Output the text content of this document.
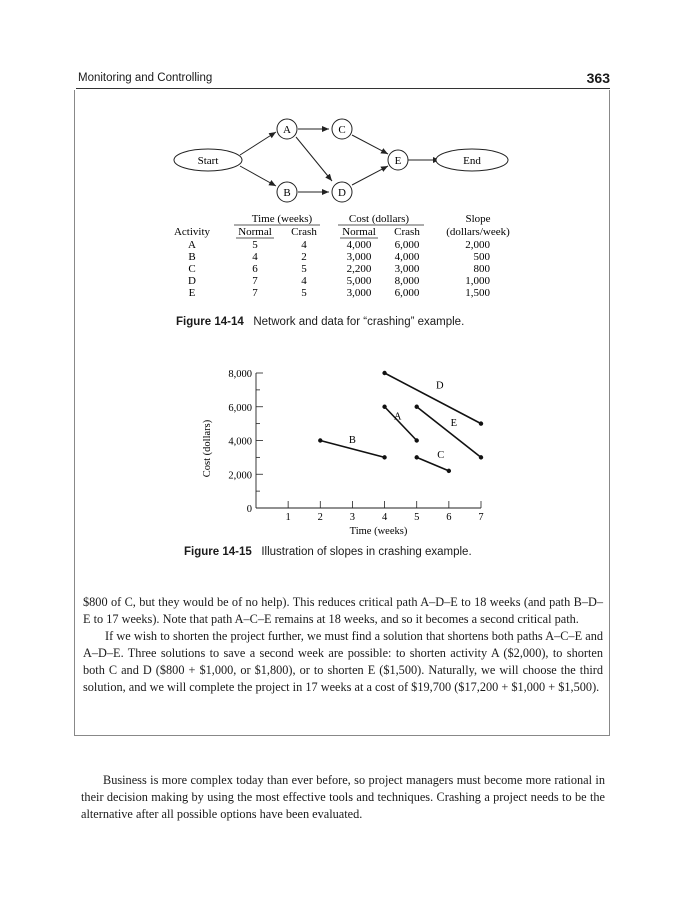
Monitoring and Controlling	363
Start	End
A
B
C
D
E
Time (weeks)	Cost (dollars)	Slope
(dollars/week)
Activity	Normal Crash Normal Crash
A	5	4	4,000 6,000	2,000
B	4	2	3,000 4,000	500
C	6	5	2,200 3,000	800
D	7	4	5,000 8,000	1,000
E	7	5	3,000 6,000	1,500
Figure 14-14 Network and data for “crashing” example.
0
2,000
4,000
6,000
8,000
1	2	3	4	5	6	7
Time (weeks)
Cost (dollars)
A
B
C
D
E
Figure 14-15 Illustration of slopes in crashing example.

$800 of C, but they would be of no help). This reduces critical path A–D–E to 18 weeks (and path B–D–E to 17 weeks). Note that path A–C–E remains at 18 weeks, and so it becomes a second critical path.

If we wish to shorten the project further, we must find a solution that shortens both paths A–C–E and A–D–E. Three solutions to save a second week are possible: to shorten activity A ($2,000), to shorten both C and D ($800 + $1,000, or $1,800), or to shorten E ($1,500). Naturally, we will choose the third solution, and we will complete the project in 17 weeks at a cost of $19,700 ($17,200 + $1,000 + $1,500).

Business is more complex today than ever before, so project managers must become more rational in their decision making by using the most effective tools and techniques. Crashing a project needs to be the alternative after all possible options have been evaluated.
